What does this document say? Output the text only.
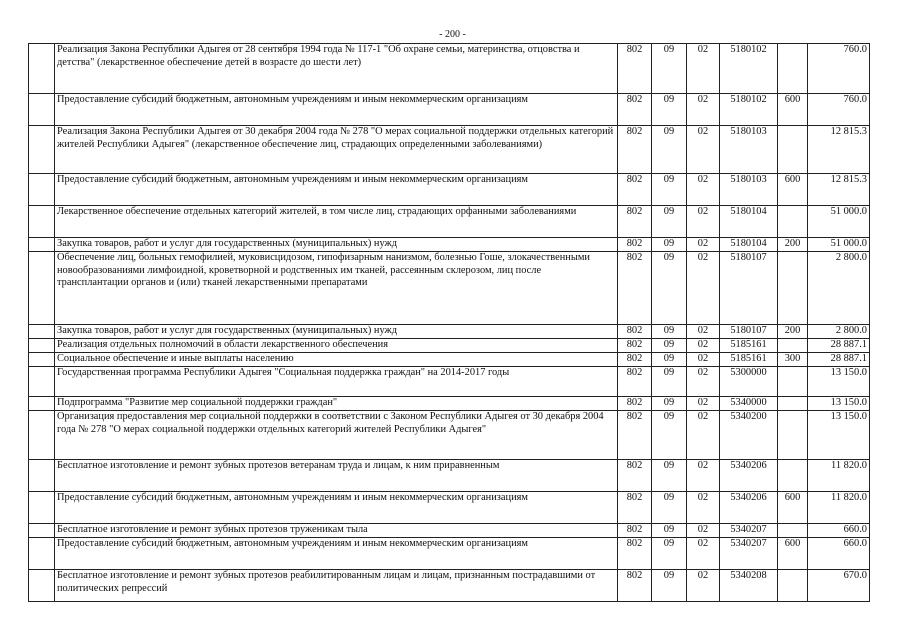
- 200 -
	Реализация Закона Республики Адыгея от 28 сентября 1994 года № 117-1 "Об охране семьи, материнства, отцовства и детства" (лекарственное обеспечение детей в возрасте до шести лет)	802	09	02	5180102		760.0
	Предоставление субсидий бюджетным, автономным учреждениям и иным некоммерческим организациям	802	09	02	5180102	600	760.0
	Реализация Закона Республики Адыгея от 30 декабря 2004 года № 278 "О мерах социальной поддержки отдельных категорий жителей Республики Адыгея" (лекарственное обеспечение лиц, страдающих определенными заболеваниями)	802	09	02	5180103		12 815.3
	Предоставление субсидий бюджетным, автономным учреждениям и иным некоммерческим организациям	802	09	02	5180103	600	12 815.3
	Лекарственное обеспечение отдельных категорий жителей, в том числе лиц, страдающих орфанными заболеваниями	802	09	02	5180104		51 000.0
	Закупка товаров, работ и услуг для государственных (муниципальных) нужд	802	09	02	5180104	200	51 000.0
	Обеспечение лиц, больных гемофилией, муковисцидозом, гипофизарным нанизмом, болезнью Гоше, злокачественными новообразованиями лимфоидной, кроветворной и родственных им тканей, рассеянным склерозом, лиц после трансплантации органов и (или) тканей лекарственными препаратами	802	09	02	5180107		2 800.0
	Закупка товаров, работ и услуг для государственных (муниципальных) нужд	802	09	02	5180107	200	2 800.0
	Реализация отдельных полномочий в области лекарственного обеспечения	802	09	02	5185161		28 887.1
	Социальное обеспечение и иные выплаты населению	802	09	02	5185161	300	28 887.1
	Государственная программа Республики Адыгея "Социальная поддержка граждан" на 2014-2017 годы	802	09	02	5300000		13 150.0
	Подпрограмма "Развитие мер социальной поддержки граждан"	802	09	02	5340000		13 150.0
	Организация предоставления мер социальной поддержки в соответствии с Законом Республики Адыгея от 30 декабря 2004 года № 278 "О мерах социальной поддержки отдельных категорий жителей Республики Адыгея"	802	09	02	5340200		13 150.0
	Бесплатное изготовление и ремонт зубных протезов ветеранам труда и лицам, к ним приравненным	802	09	02	5340206		11 820.0
	Предоставление субсидий бюджетным, автономным учреждениям и иным некоммерческим организациям	802	09	02	5340206	600	11 820.0
	Бесплатное изготовление и ремонт зубных протезов труженикам тыла	802	09	02	5340207		660.0
	Предоставление субсидий бюджетным, автономным учреждениям и иным некоммерческим организациям	802	09	02	5340207	600	660.0
	Бесплатное изготовление и ремонт зубных протезов реабилитированным лицам и лицам, признанным пострадавшими от политических репрессий	802	09	02	5340208		670.0
